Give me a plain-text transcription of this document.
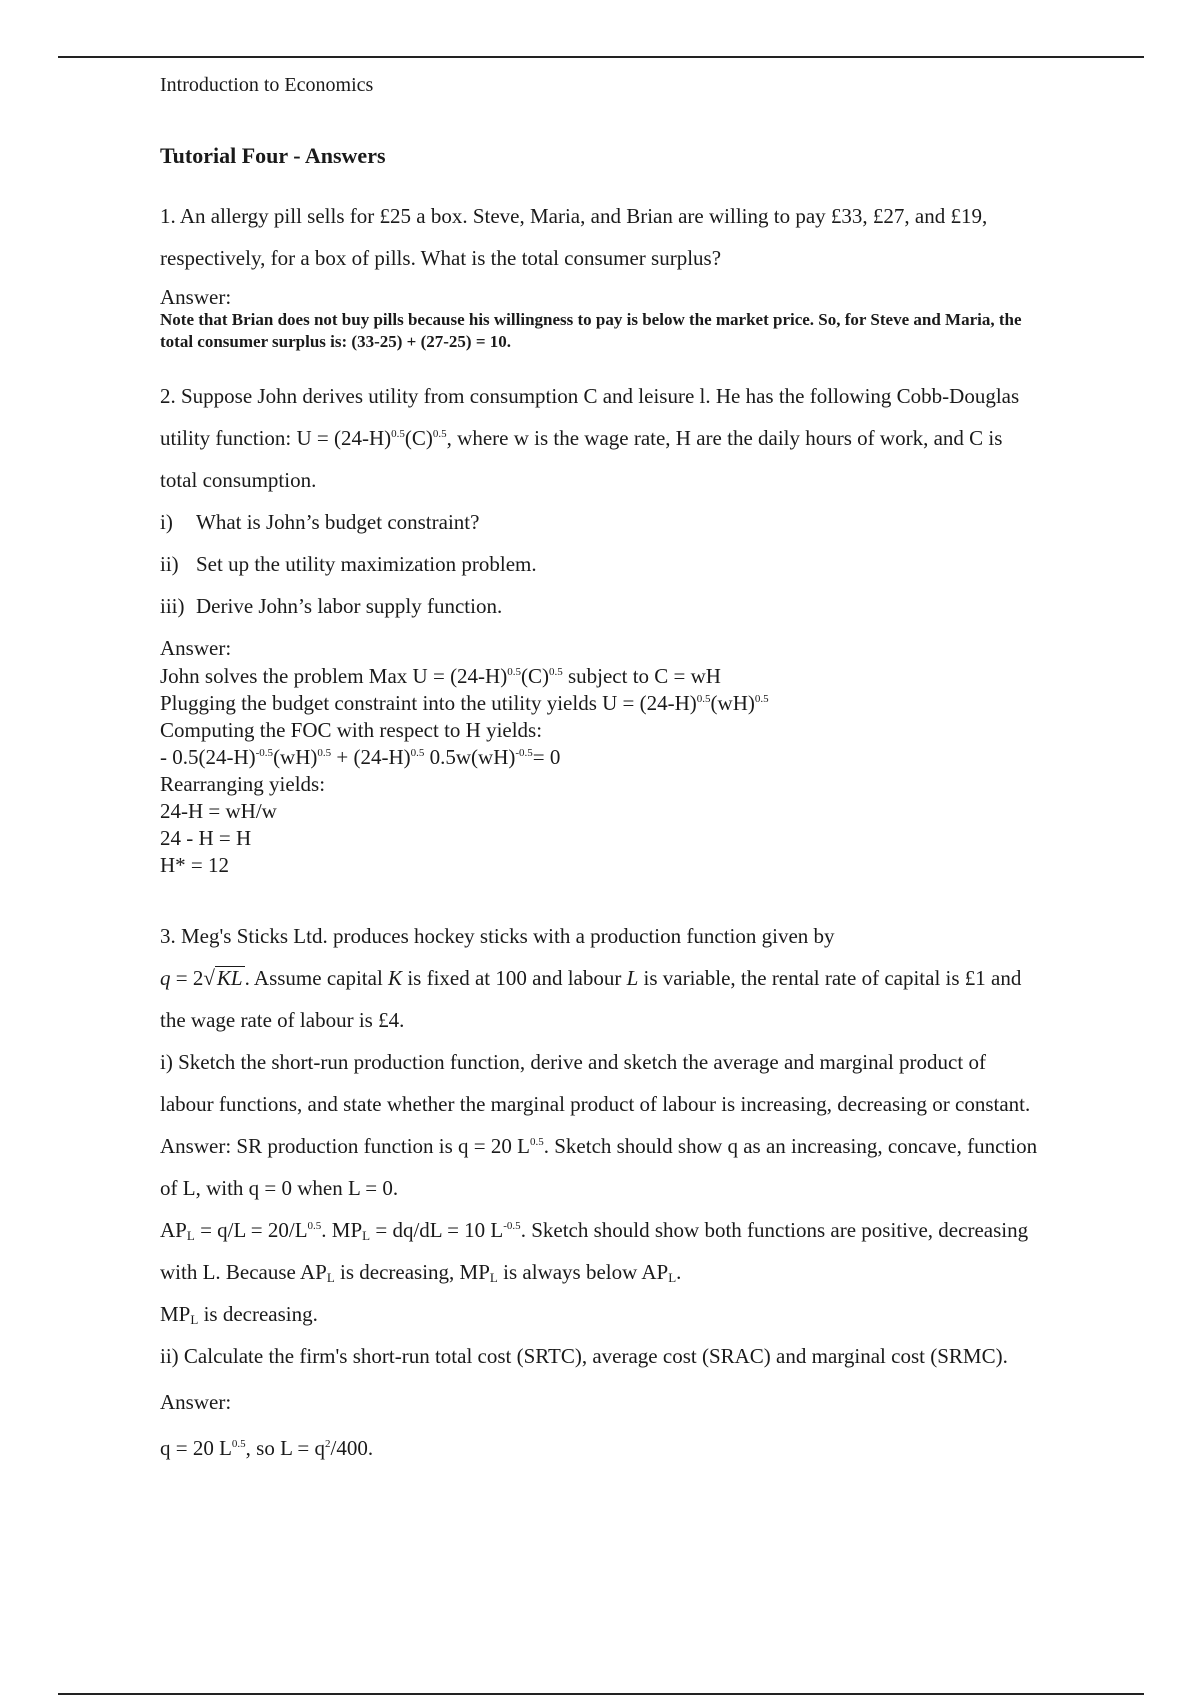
Introduction to Economics
Tutorial Four - Answers
1. An allergy pill sells for £25 a box. Steve, Maria, and Brian are willing to pay £33, £27, and £19, respectively, for a box of pills. What is the total consumer surplus?
Answer:
Note that Brian does not buy pills because his willingness to pay is below the market price. So, for Steve and Maria, the total consumer surplus is: (33-25) + (27-25) = 10.
2. Suppose John derives utility from consumption C and leisure l. He has the following Cobb-Douglas utility function: $U = (24-H)^{0.5}(C)^{0.5}$, where w is the wage rate, H are the daily hours of work, and C is total consumption.
i) What is John’s budget constraint?
ii) Set up the utility maximization problem.
iii) Derive John’s labor supply function.
Answer:
John solves the problem Max $U = (24-H)^{0.5}(C)^{0.5}$ subject to C = wH
Plugging the budget constraint into the utility yields $U = (24-H)^{0.5}(wH)^{0.5}$
Computing the FOC with respect to H yields:
- $0.5(24-H)^{-0.5}(wH)^{0.5} + (24-H)^{0.5}$ 0.5w(wH)$^{-0.5}$= 0
Rearranging yields:
24-H = wH/w
24 - H = H
H* = 12
3. Meg's Sticks Ltd. produces hockey sticks with a production function given by
q = 2√KL. Assume capital K is fixed at 100 and labour L is variable, the rental rate of capital is £1 and the wage rate of labour is £4.
i) Sketch the short-run production function, derive and sketch the average and marginal product of labour functions, and state whether the marginal product of labour is increasing, decreasing or constant.
Answer: SR production function is q = 20 $L^{0.5}$. Sketch should show q as an increasing, concave, function of L, with q = 0 when L = 0.
$AP_L = q/L = 20/L^{0.5}$. $MP_L = dq/dL = 10$ $L^{-0.5}$. Sketch should show both functions are positive, decreasing with L. Because $AP_L$ is decreasing, $MP_L$ is always below $AP_L$.
$MP_L$ is decreasing.
ii) Calculate the firm's short-run total cost (SRTC), average cost (SRAC) and marginal cost (SRMC).
Answer:
q = 20 $L^{0.5}$, so $L = q^2/400$.
